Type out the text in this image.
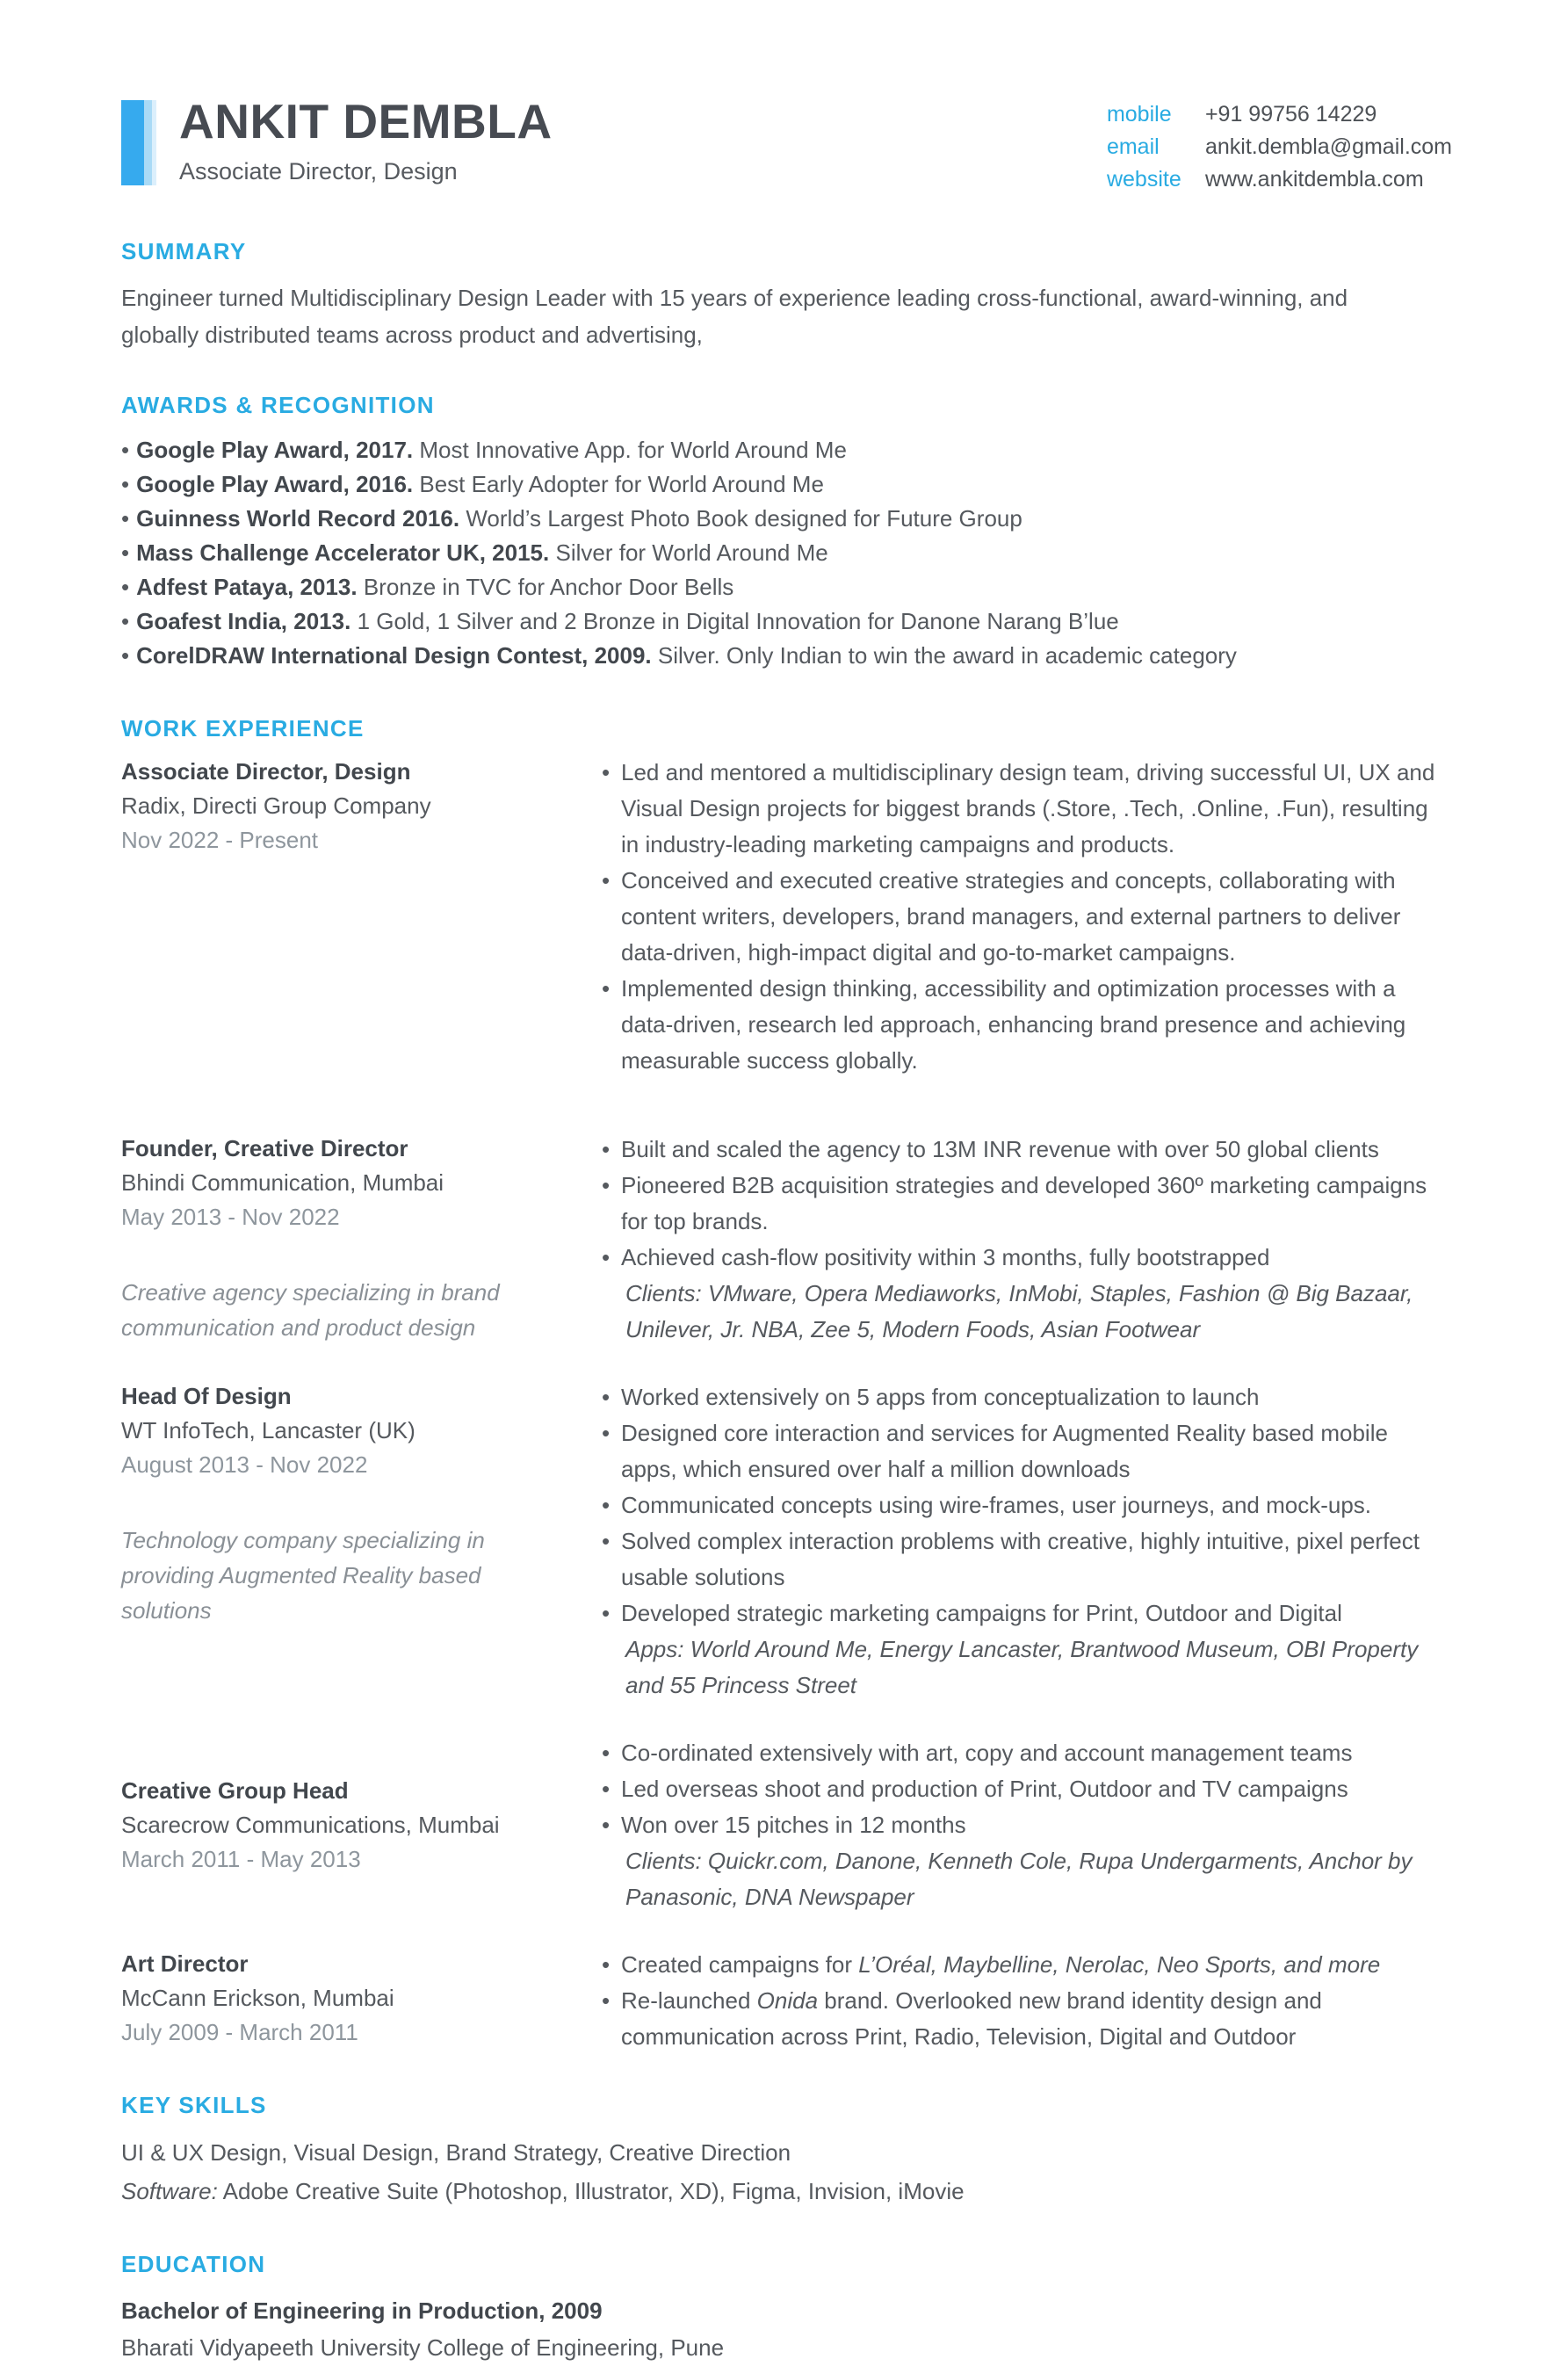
ANKIT DEMBLA
Associate Director, Design
mobile	+91 99756 14229
email	ankit.dembla@gmail.com
website	www.ankitdembla.com
SUMMARY
Engineer turned Multidisciplinary Design Leader with 15 years of experience leading cross-functional, award-winning, and globally distributed teams across product and advertising,
AWARDS & RECOGNITION
• Google Play Award, 2017. Most Innovative App. for World Around Me
• Google Play Award, 2016. Best Early Adopter for World Around Me
• Guinness World Record 2016. World’s Largest Photo Book designed for Future Group
• Mass Challenge Accelerator UK, 2015. Silver for World Around Me
• Adfest Pataya, 2013. Bronze in TVC for Anchor Door Bells
• Goafest India, 2013. 1 Gold, 1 Silver and 2 Bronze in Digital Innovation for Danone Narang B’lue
• CorelDRAW International Design Contest, 2009. Silver. Only Indian to win the award in academic category
WORK EXPERIENCE
Associate Director, Design
Radix, Directi Group Company
Nov 2022 - Present
• Led and mentored a multidisciplinary design team, driving successful UI, UX and Visual Design projects for biggest brands (.Store, .Tech, .Online, .Fun), resulting in industry-leading marketing campaigns and products.
• Conceived and executed creative strategies and concepts, collaborating with content writers, developers, brand managers, and external partners to deliver data-driven, high-impact digital and go-to-market campaigns.
• Implemented design thinking, accessibility and optimization processes with a data-driven, research led approach, enhancing brand presence and achieving measurable success globally.
Founder, Creative Director
Bhindi Communication, Mumbai
May 2013 - Nov 2022
Creative agency specializing in brand communication and product design
• Built and scaled the agency to 13M INR revenue with over 50 global clients
• Pioneered B2B acquisition strategies and developed 360º marketing campaigns for top brands.
• Achieved cash-flow positivity within 3 months, fully bootstrapped
Clients: VMware, Opera Mediaworks, InMobi, Staples, Fashion @ Big Bazaar, Unilever, Jr. NBA, Zee 5, Modern Foods, Asian Footwear
Head Of Design
WT InfoTech, Lancaster (UK)
August 2013 - Nov 2022
Technology company specializing in providing Augmented Reality based solutions
• Worked extensively on 5 apps from conceptualization to launch
• Designed core interaction and services for Augmented Reality based mobile apps, which ensured over half a million downloads
• Communicated concepts using wire-frames, user journeys, and mock-ups.
• Solved complex interaction problems with creative, highly intuitive, pixel perfect usable solutions
• Developed strategic marketing campaigns for Print, Outdoor and Digital
Apps: World Around Me, Energy Lancaster, Brantwood Museum, OBI Property and 55 Princess Street
Creative Group Head
Scarecrow Communications, Mumbai
March 2011 - May 2013
• Co-ordinated extensively with art, copy and account management teams
• Led overseas shoot and production of Print, Outdoor and TV campaigns
• Won over 15 pitches in 12 months
Clients: Quickr.com, Danone, Kenneth Cole, Rupa Undergarments, Anchor by Panasonic, DNA Newspaper
Art Director
McCann Erickson, Mumbai
July 2009 - March 2011
• Created campaigns for L’Oréal, Maybelline, Nerolac, Neo Sports, and more
• Re-launched Onida brand. Overlooked new brand identity design and communication across Print, Radio, Television, Digital and Outdoor
KEY SKILLS
UI & UX Design, Visual Design, Brand Strategy, Creative Direction
Software: Adobe Creative Suite (Photoshop, Illustrator, XD), Figma, Invision, iMovie
EDUCATION
Bachelor of Engineering in Production, 2009
Bharati Vidyapeeth University College of Engineering, Pune
